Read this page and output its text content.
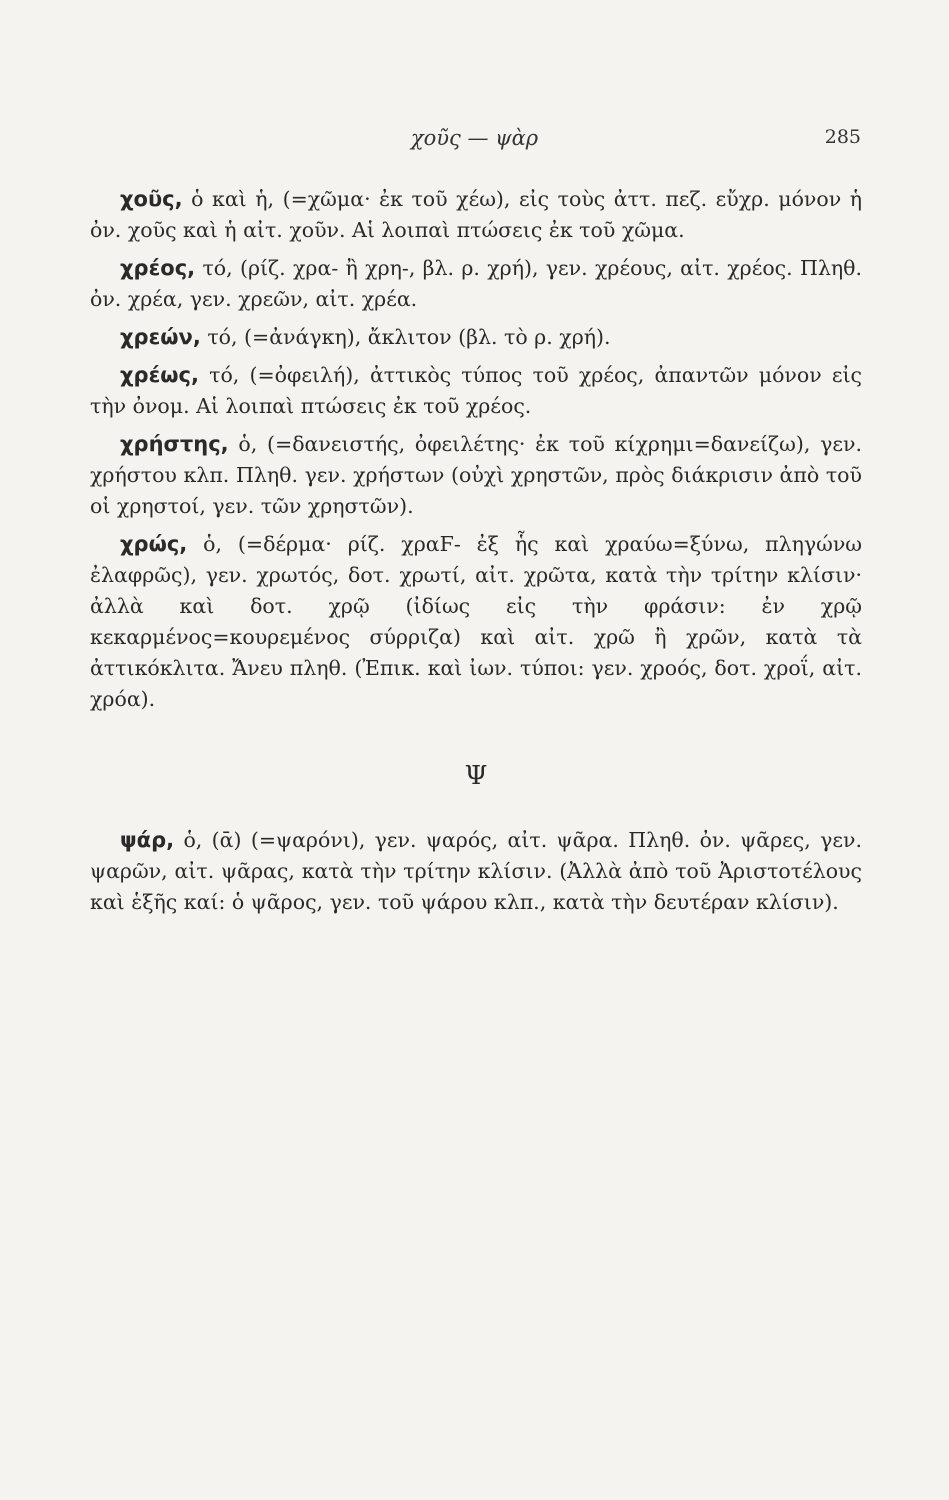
χοῦς — ψὰρ	285

χοῦς, ὁ καὶ ἡ, (=χῶμα· ἐκ τοῦ χέω), εἰς τοὺς ἀττ. πεζ. εὔχρ. μόνον ἡ ὀν. χοῦς καὶ ἡ αἰτ. χοῦν. Αἱ λοιπαὶ πτώσεις ἐκ τοῦ χῶμα.

χρέος, τό, (ρίζ. χρα- ἢ χρη-, βλ. ρ. χρή), γεν. χρέους, αἰτ. χρέος. Πληθ. ὀν. χρέα, γεν. χρεῶν, αἰτ. χρέα.

χρεών, τό, (=ἀνάγκη), ἄκλιτον (βλ. τὸ ρ. χρή).

χρέως, τό, (=ὀφειλή), ἀττικὸς τύπος τοῦ χρέος, ἀπαντῶν μόνον εἰς τὴν ὀνομ. Αἱ λοιπαὶ πτώσεις ἐκ τοῦ χρέος.

χρήστης, ὁ, (=δανειστής, ὀφειλέτης· ἐκ τοῦ κίχρημι=δανείζω), γεν. χρήστου κλπ. Πληθ. γεν. χρήστων (οὐχὶ χρηστῶν, πρὸς διάκρισιν ἀπὸ τοῦ οἱ χρηστοί, γεν. τῶν χρηστῶν).

χρώς, ὁ, (=δέρμα· ρίζ. χραϜ- ἐξ ἧς καὶ χραύω=ξύνω, πληγώνω ἐλαφρῶς), γεν. χρωτός, δοτ. χρωτί, αἰτ. χρῶτα, κατὰ τὴν τρίτην κλίσιν· ἀλλὰ καὶ δοτ. χρῷ (ἰδίως εἰς τὴν φράσιν: ἐν χρῷ κεκαρμένος=κουρεμένος σύρριζα) καὶ αἰτ. χρῶ ἢ χρῶν, κατὰ τὰ ἀττικόκλιτα. Ἄνευ πληθ. (Ἐπικ. καὶ ἰων. τύποι: γεν. χροός, δοτ. χροΐ, αἰτ. χρόα).

Ψ

ψάρ, ὁ, (ᾱ) (=ψαρόνι), γεν. ψαρός, αἰτ. ψᾶρα. Πληθ. ὀν. ψᾶρες, γεν. ψαρῶν, αἰτ. ψᾶρας, κατὰ τὴν τρίτην κλίσιν. (Ἀλλὰ ἀπὸ τοῦ Ἀριστοτέλους καὶ ἑξῆς καί: ὁ ψᾶρος, γεν. τοῦ ψάρου κλπ., κατὰ τὴν δευτέραν κλίσιν).
